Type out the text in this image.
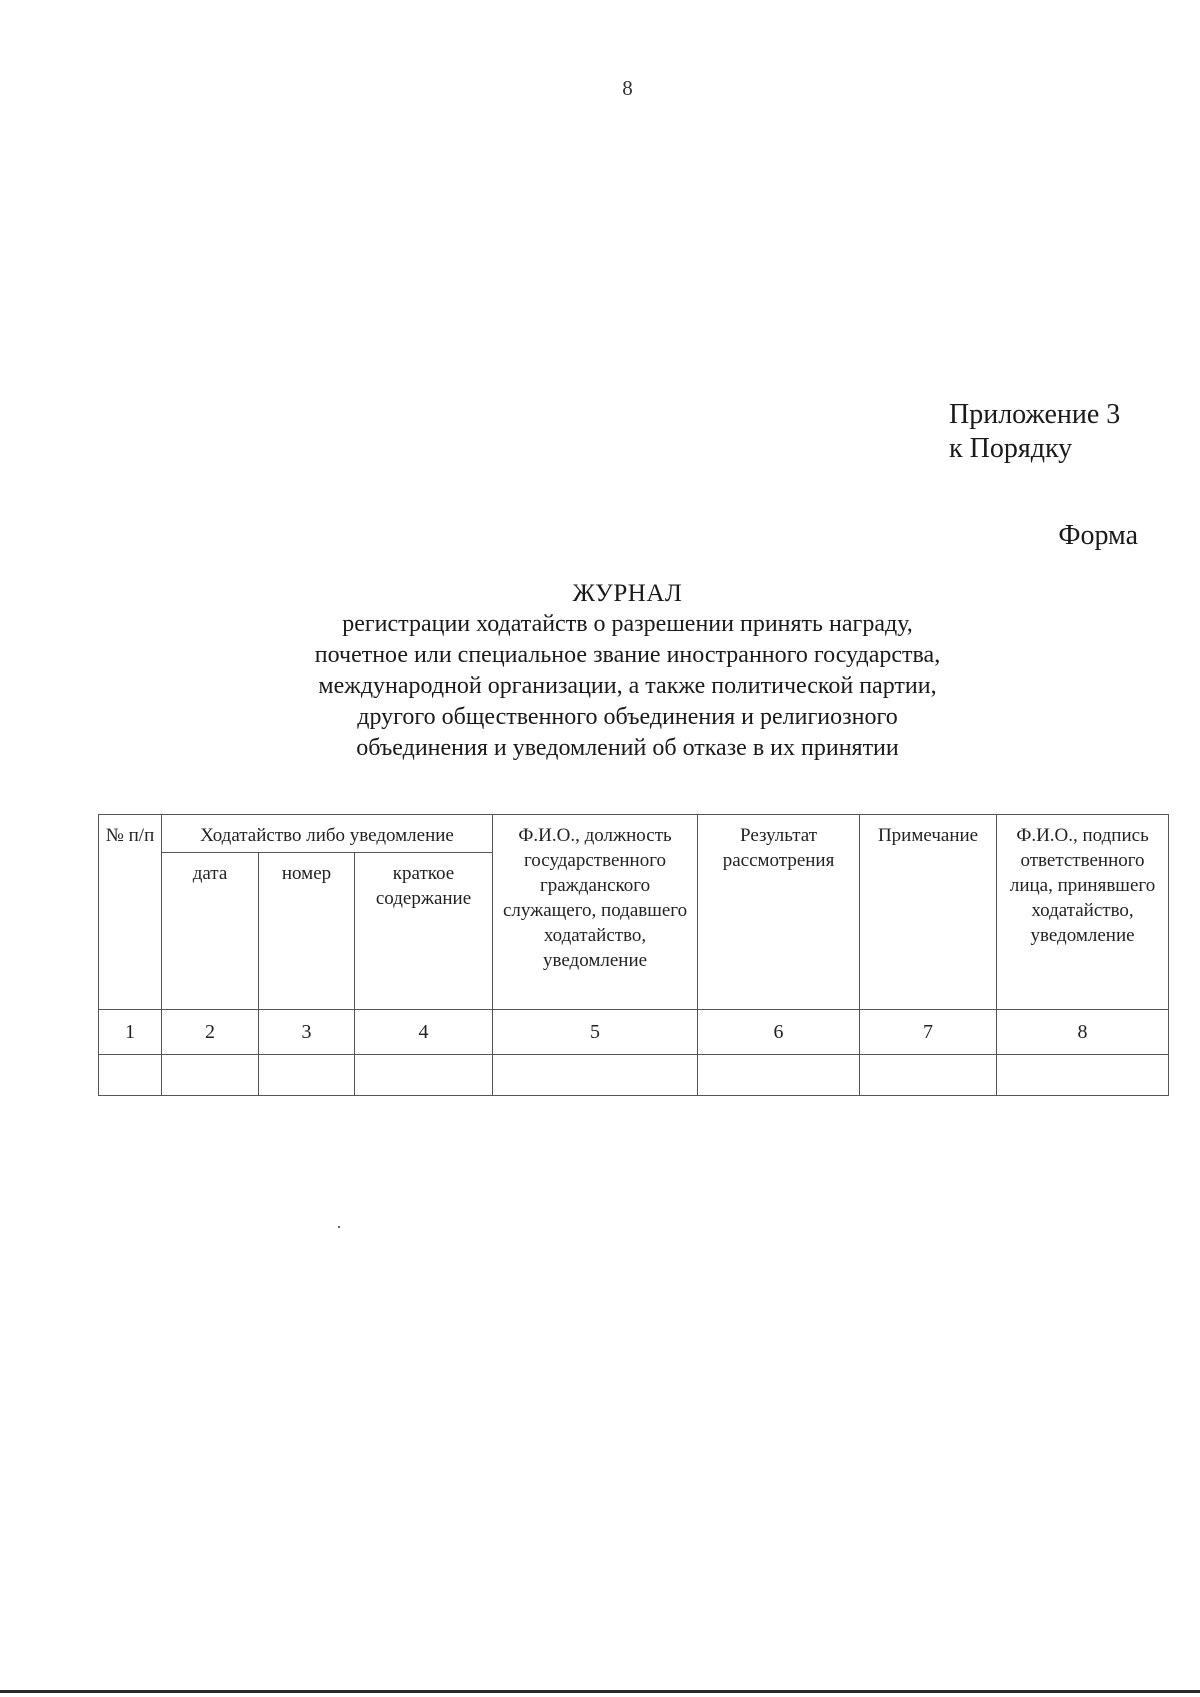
8
Приложение 3
к Порядку
Форма
ЖУРНАЛ
регистрации ходатайств о разрешении принять награду,
почетное или специальное звание иностранного государства,
международной организации, а также политической партии,
другого общественного объединения и религиозного
объединения и уведомлений об отказе в их принятии
№ п/п	Ходатайство либо уведомление			Ф.И.О., должность государственного гражданского служащего, подавшего ходатайство, уведомление	Результат рассмотрения	Примечание	Ф.И.О., подпись ответственного лица, принявшего ходатайство, уведомление
	дата	номер	краткое содержание				
1	2	3	4	5	6	7	8
